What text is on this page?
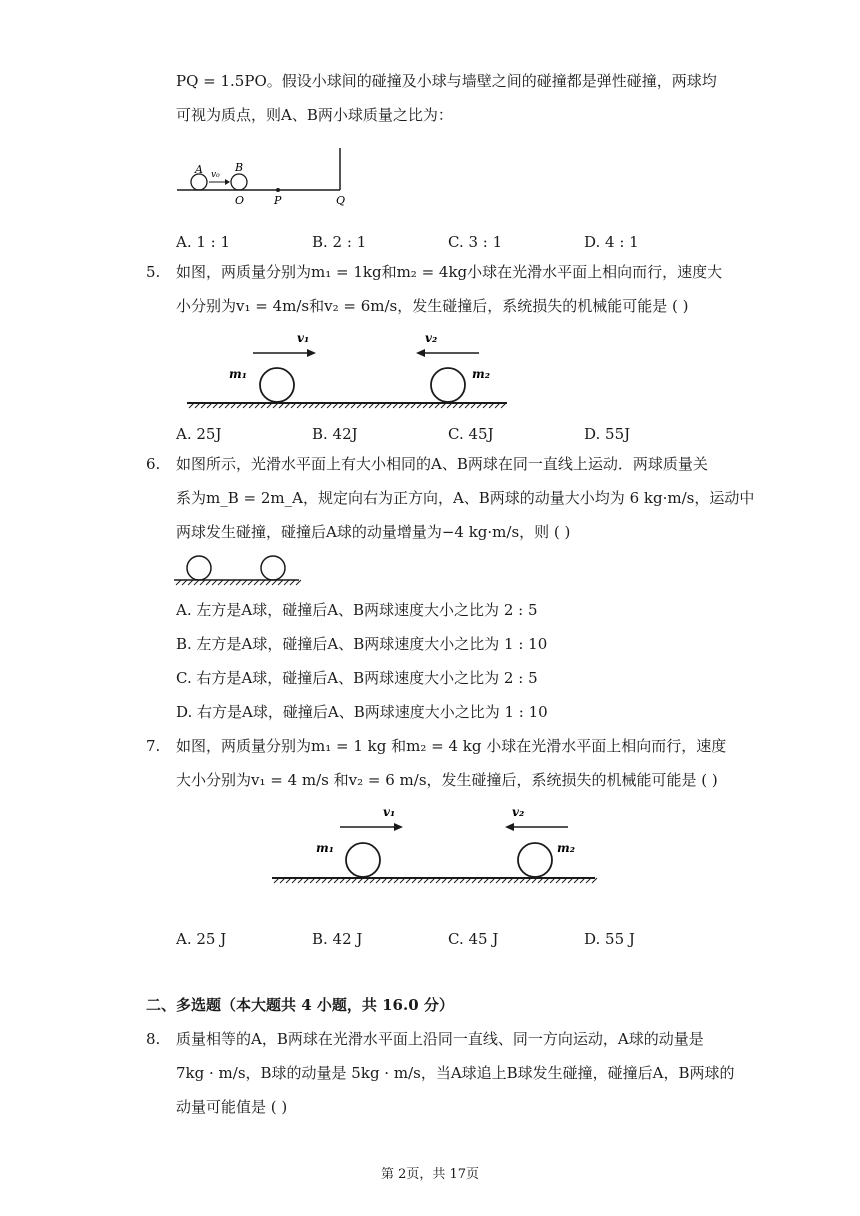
PQ = 1.5PO。假设小球间的碰撞及小球与墙壁之间的碰撞都是弹性碰撞，两球均
可视为质点，则A、B两小球质量之比为：
A v₀
B
O	P	Q
A. 1 : 1	B. 2 : 1	C. 3 : 1	D. 4 : 1
5. 如图，两质量分别为m₁ = 1kg和m₂ = 4kg小球在光滑水平面上相向而行，速度大
小分别为v₁ = 4m/s和v₂ = 6m/s，发生碰撞后，系统损失的机械能可能是 ( )
v₁	v₂
m₁	m₂
A. 25J	B. 42J	C. 45J	D. 55J
6. 如图所示，光滑水平面上有大小相同的A、B两球在同一直线上运动．两球质量关
系为m_B = 2m_A，规定向右为正方向，A、B两球的动量大小均为 6 kg·m/s，运动中
两球发生碰撞，碰撞后A球的动量增量为−4 kg·m/s，则 ( )
A. 左方是A球，碰撞后A、B两球速度大小之比为 2 : 5
B. 左方是A球，碰撞后A、B两球速度大小之比为 1 : 10
C. 右方是A球，碰撞后A、B两球速度大小之比为 2 : 5
D. 右方是A球，碰撞后A、B两球速度大小之比为 1 : 10
7. 如图，两质量分别为m₁ = 1 kg 和m₂ = 4 kg 小球在光滑水平面上相向而行，速度
大小分别为v₁ = 4 m/s 和v₂ = 6 m/s，发生碰撞后，系统损失的机械能可能是 ( )
v₁	v₂
m₁	m₂
A. 25 J	B. 42 J	C. 45 J	D. 55 J
二、多选题（本大题共 4 小题，共 16.0 分）
8. 质量相等的A，B两球在光滑水平面上沿同一直线、同一方向运动，A球的动量是
7kg · m/s，B球的动量是 5kg · m/s，当A球追上B球发生碰撞，碰撞后A，B两球的
动量可能值是 ( )
第 2页，共 17页
